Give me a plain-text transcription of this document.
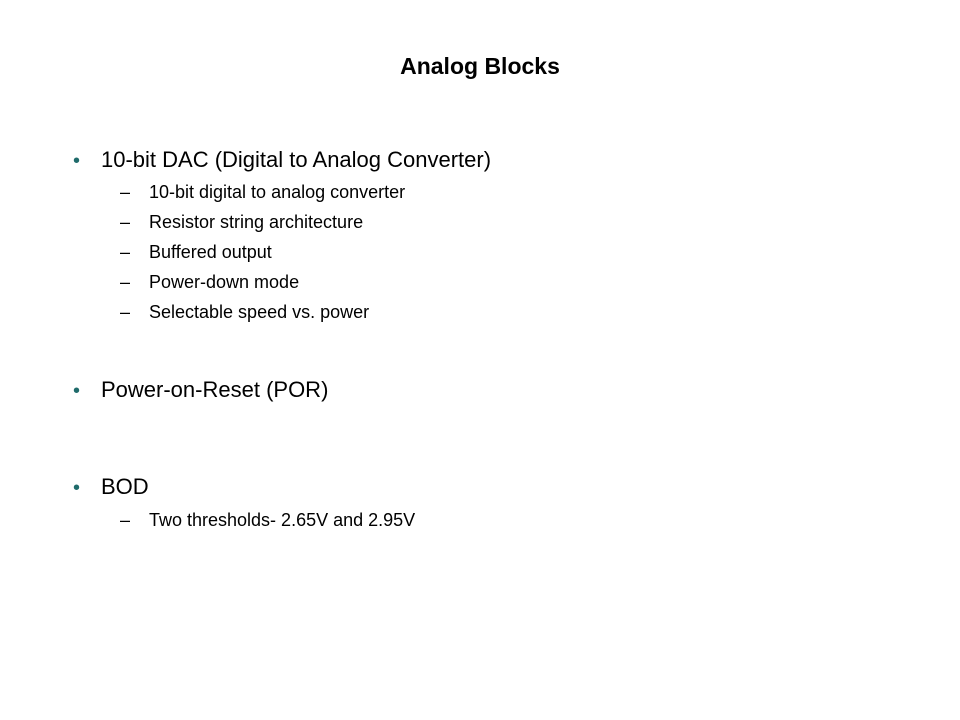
Analog Blocks
• 10-bit DAC (Digital to Analog Converter)
–	10-bit digital to analog converter
–	Resistor string architecture
–	Buffered output
–	Power-down mode
–	Selectable speed vs. power
• Power-on-Reset (POR)
• BOD
–	Two thresholds- 2.65V and 2.95V
